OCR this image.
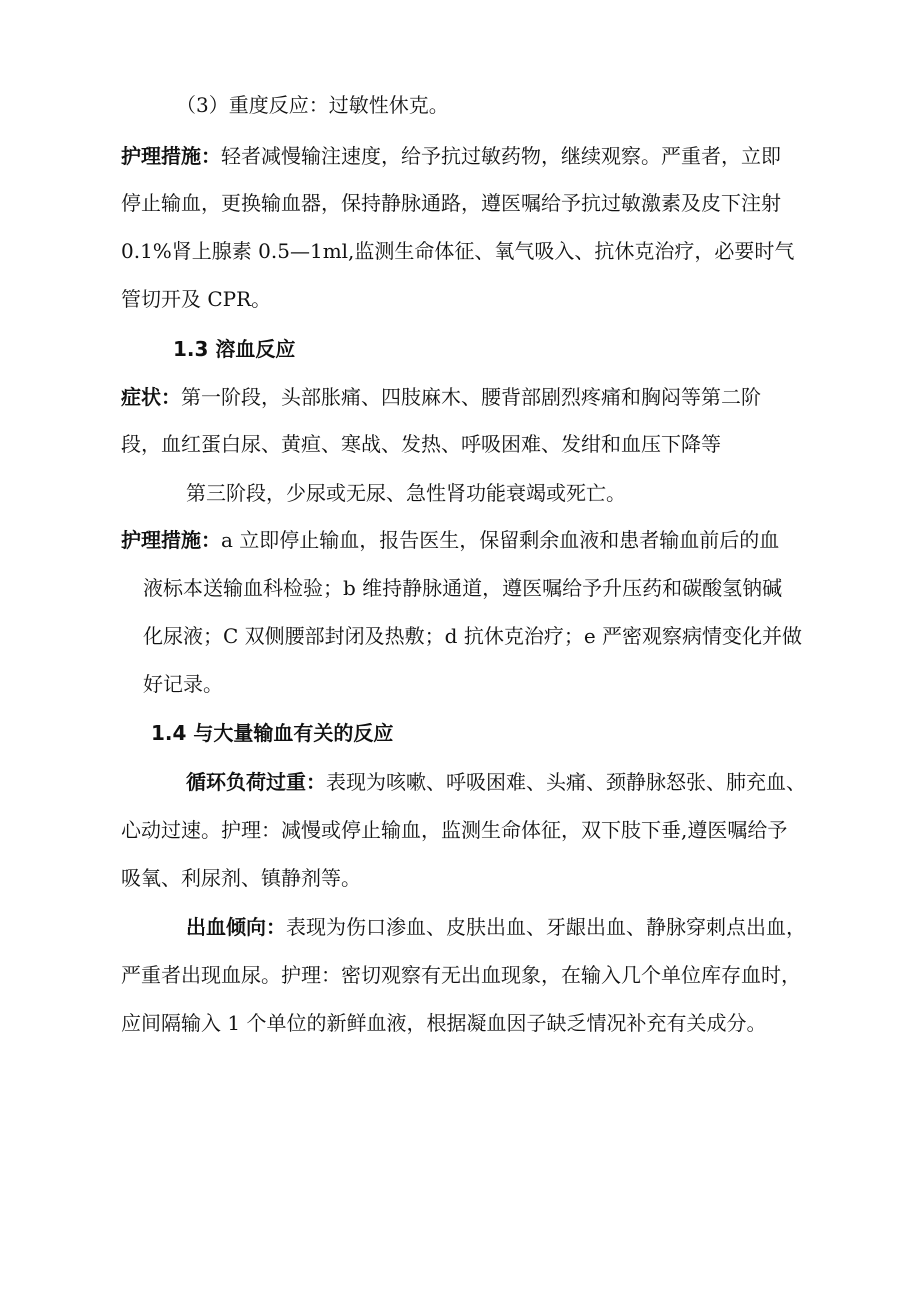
（3）重度反应：过敏性休克。
护理措施：轻者减慢输注速度，给予抗过敏药物，继续观察。严重者，立即
停止输血，更换输血器，保持静脉通路，遵医嘱给予抗过敏激素及皮下注射
0.1%肾上腺素 0.5—1ml,监测生命体征、氧气吸入、抗休克治疗，必要时气
管切开及 CPR。
1.3 溶血反应
症状：第一阶段，头部胀痛、四肢麻木、腰背部剧烈疼痛和胸闷等第二阶
段，血红蛋白尿、黄疸、寒战、发热、呼吸困难、发绀和血压下降等
第三阶段，少尿或无尿、急性肾功能衰竭或死亡。
护理措施：a 立即停止输血，报告医生，保留剩余血液和患者输血前后的血
液标本送输血科检验；b 维持静脉通道，遵医嘱给予升压药和碳酸氢钠碱
化尿液；C 双侧腰部封闭及热敷；d 抗休克治疗；e 严密观察病情变化并做
好记录。
1.4 与大量输血有关的反应
循环负荷过重：表现为咳嗽、呼吸困难、头痛、颈静脉怒张、肺充血、
心动过速。护理：减慢或停止输血，监测生命体征，双下肢下垂,遵医嘱给予
吸氧、利尿剂、镇静剂等。
出血倾向：表现为伤口渗血、皮肤出血、牙龈出血、静脉穿刺点出血，
严重者出现血尿。护理：密切观察有无出血现象，在输入几个单位库存血时，
应间隔输入 1 个单位的新鲜血液，根据凝血因子缺乏情况补充有关成分。
